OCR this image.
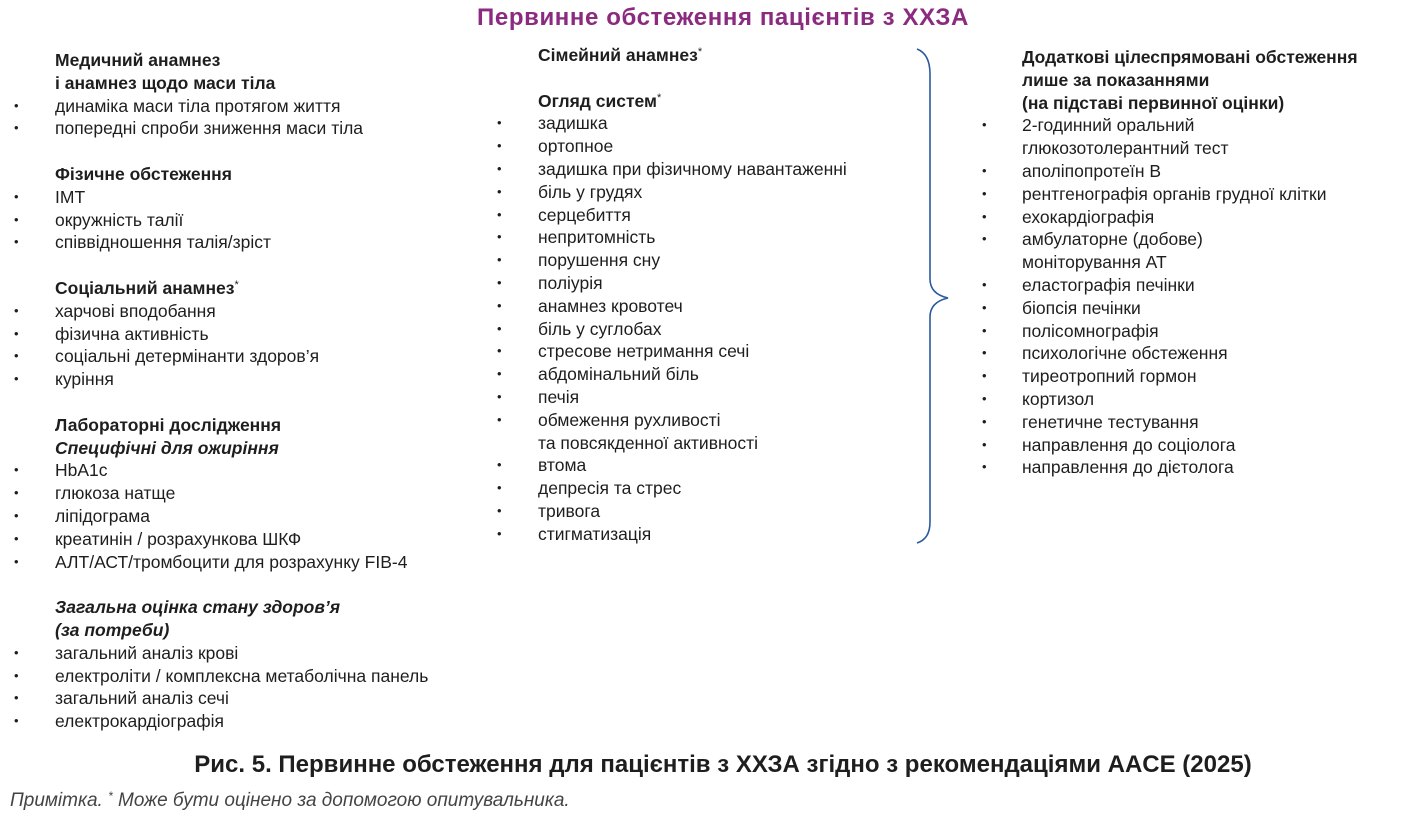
Первинне обстеження пацієнтів з ХХЗА
Медичний анамнез
і анамнез щодо маси тіла
• динаміка маси тіла протягом життя
• попередні спроби зниження маси тіла
Фізичне обстеження
• ІМТ
• окружність талії
• співвідношення талія/зріст
Соціальний анамнез*
• харчові вподобання
• фізична активність
• соціальні детермінанти здоров’я
• куріння
Лабораторні дослідження
Специфічні для ожиріння
• HbA1c
• глюкоза натще
• ліпідограма
• креатинін / розрахункова ШКФ
• АЛТ/АСТ/тромбоцити для розрахунку FIB-4
Загальна оцінка стану здоров’я
(за потреби)
• загальний аналіз крові
• електроліти / комплексна метаболічна панель
• загальний аналіз сечі
• електрокардіографія
Сімейний анамнез*
Огляд систем*
• задишка
• ортопное
• задишка при фізичному навантаженні
• біль у грудях
• серцебиття
• непритомність
• порушення сну
• поліурія
• анамнез кровотеч
• біль у суглобах
• стресове нетримання сечі
• абдомінальний біль
• печія
• обмеження рухливості
та повсякденної активності
• втома
• депресія та стрес
• тривога
• стигматизація
Додаткові цілеспрямовані обстеження
лише за показаннями
(на підставі первинної оцінки)
• 2-годинний оральний
глюкозотолерантний тест
• аполіпопротеїн B
• рентгенографія органів грудної клітки
• ехокардіографія
• амбулаторне (добове)
моніторування АТ
• еластографія печінки
• біопсія печінки
• полісомнографія
• психологічне обстеження
• тиреотропний гормон
• кортизол
• генетичне тестування
• направлення до соціолога
• направлення до дієтолога
Рис. 5. Первинне обстеження для пацієнтів з ХХЗА згідно з рекомендаціями AACE (2025)
Примітка. * Може бути оцінено за допомогою опитувальника.
